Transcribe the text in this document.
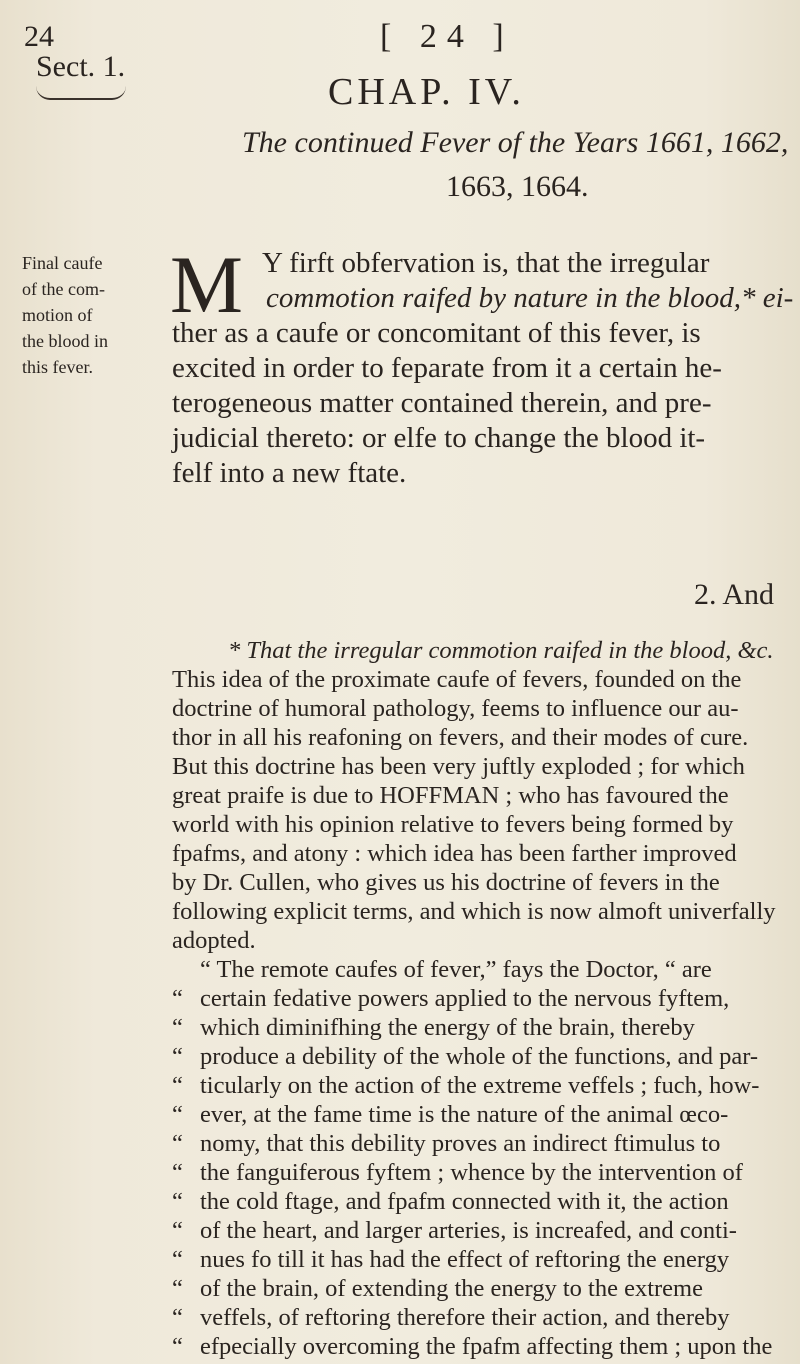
24
Sect. 1.
[ 24 ]
CHAP. IV.
The continued Fever of the Years 1661, 1662,
1663, 1664.
Final caufe
of the com-
motion of
the blood in
this fever.
M Y firft obfervation is, that the irregular
commotion raifed by nature in the blood,* ei-
ther as a caufe or concomitant of this fever, is
excited in order to feparate from it a certain he-
terogeneous matter contained therein, and pre-
judicial thereto: or elfe to change the blood it-
felf into a new ftate.
2. And
* That the irregular commotion raifed in the blood, &c.
This idea of the proximate caufe of fevers, founded on the
doctrine of humoral pathology, feems to influence our au-
thor in all his reafoning on fevers, and their modes of cure.
But this doctrine has been very juftly exploded ; for which
great praife is due to HOFFMAN ; who has favoured the
world with his opinion relative to fevers being formed by
fpafms, and atony : which idea has been farther improved
by Dr. Cullen, who gives us his doctrine of fevers in the
following explicit terms, and which is now almoft univerfally
adopted.
“ The remote caufes of fever,” fays the Doctor, “ are
“ certain fedative powers applied to the nervous fyftem,
“ which diminifhing the energy of the brain, thereby
“ produce a debility of the whole of the functions, and par-
“ ticularly on the action of the extreme veffels ; fuch, how-
“ ever, at the fame time is the nature of the animal œco-
“ nomy, that this debility proves an indirect ftimulus to
“ the fanguiferous fyftem ; whence by the intervention of
“ the cold ftage, and fpafm connected with it, the action
“ of the heart, and larger arteries, is increafed, and conti-
“ nues fo till it has had the effect of reftoring the energy
“ of the brain, of extending the energy to the extreme
“ veffels, of reftoring therefore their action, and thereby
“ efpecially overcoming the fpafm affecting them ; upon the
